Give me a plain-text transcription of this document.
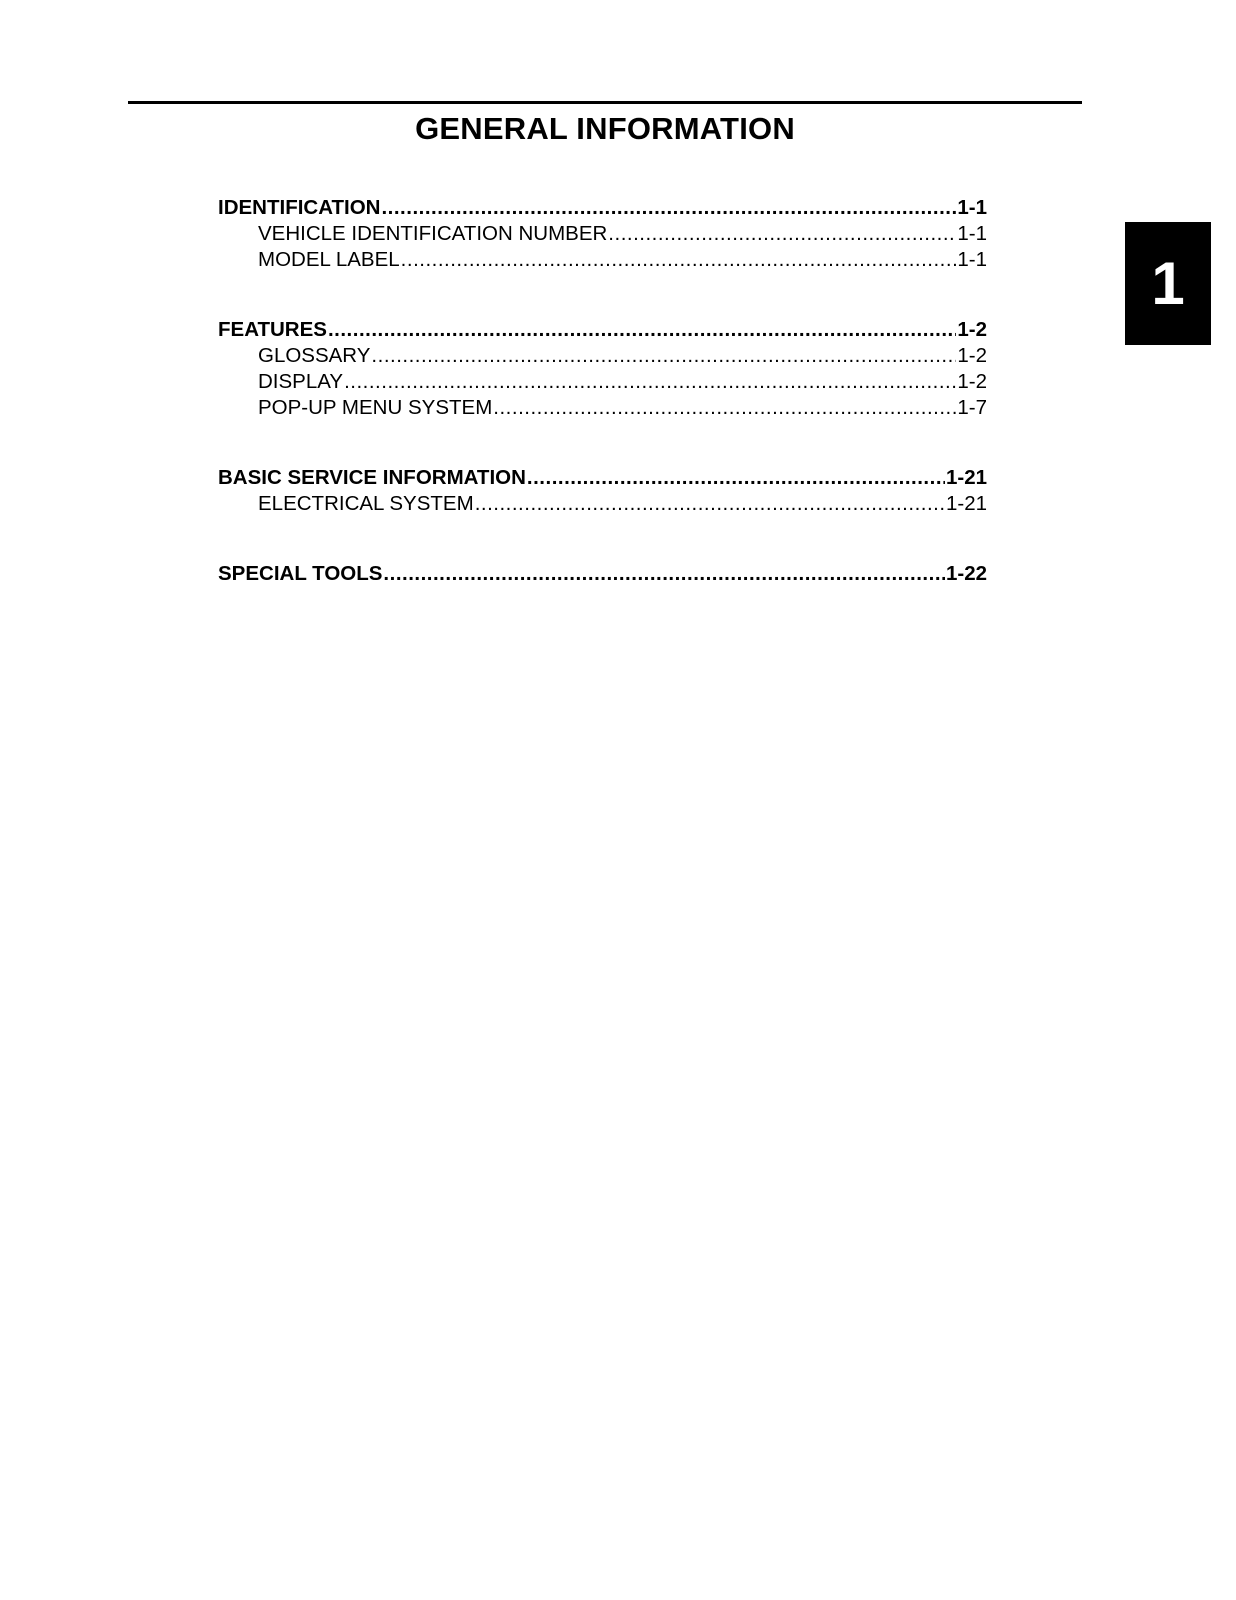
GENERAL INFORMATION
1
IDENTIFICATION .....	1-1
VEHICLE IDENTIFICATION NUMBER .....	1-1
MODEL LABEL .....	1-1
FEATURES .....	1-2
GLOSSARY .....	1-2
DISPLAY .....	1-2
POP-UP MENU SYSTEM .....	1-7
BASIC SERVICE INFORMATION .....	1-21
ELECTRICAL SYSTEM .....	1-21
SPECIAL TOOLS .....	1-22
